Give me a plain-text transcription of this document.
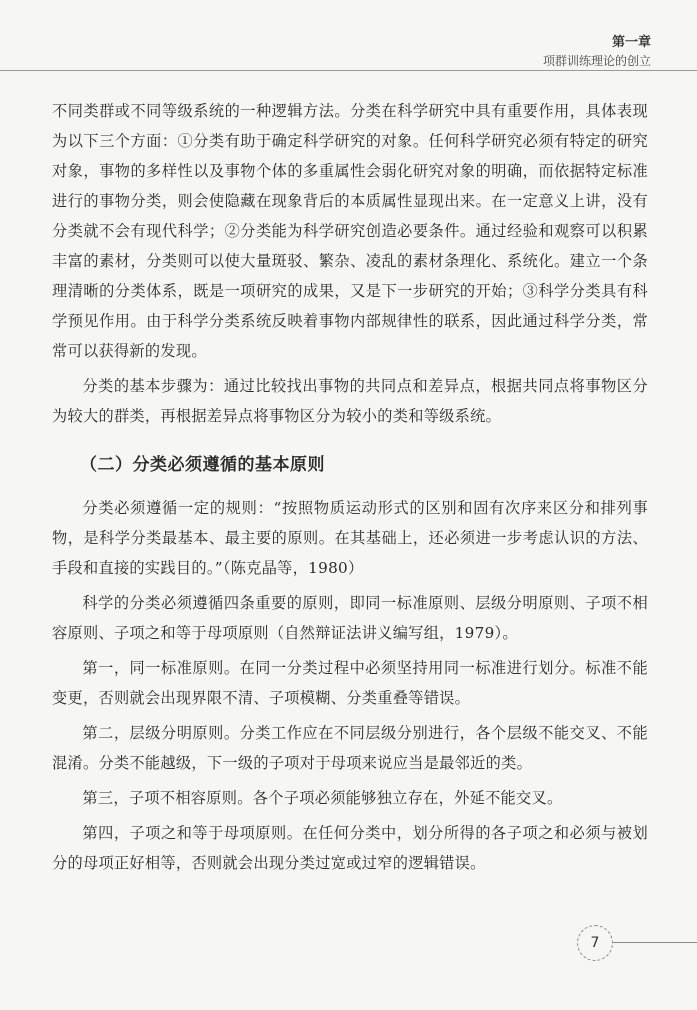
第一章
项群训练理论的创立

不同类群或不同等级系统的一种逻辑方法。分类在科学研究中具有重要作用，具体表现为以下三个方面：①分类有助于确定科学研究的对象。任何科学研究必须有特定的研究对象，事物的多样性以及事物个体的多重属性会弱化研究对象的明确，而依据特定标准进行的事物分类，则会使隐藏在现象背后的本质属性显现出来。在一定意义上讲，没有分类就不会有现代科学；②分类能为科学研究创造必要条件。通过经验和观察可以积累丰富的素材，分类则可以使大量斑驳、繁杂、凌乱的素材条理化、系统化。建立一个条理清晰的分类体系，既是一项研究的成果，又是下一步研究的开始；③科学分类具有科学预见作用。由于科学分类系统反映着事物内部规律性的联系，因此通过科学分类，常常可以获得新的发现。

分类的基本步骤为：通过比较找出事物的共同点和差异点，根据共同点将事物区分为较大的群类，再根据差异点将事物区分为较小的类和等级系统。

（二）分类必须遵循的基本原则

分类必须遵循一定的规则：“按照物质运动形式的区别和固有次序来区分和排列事物，是科学分类最基本、最主要的原则。在其基础上，还必须进一步考虑认识的方法、手段和直接的实践目的。”（陈克晶等，1980）

科学的分类必须遵循四条重要的原则，即同一标准原则、层级分明原则、子项不相容原则、子项之和等于母项原则（自然辩证法讲义编写组，1979）。

第一，同一标准原则。在同一分类过程中必须坚持用同一标准进行划分。标准不能变更，否则就会出现界限不清、子项模糊、分类重叠等错误。

第二，层级分明原则。分类工作应在不同层级分别进行，各个层级不能交叉、不能混淆。分类不能越级，下一级的子项对于母项来说应当是最邻近的类。

第三，子项不相容原则。各个子项必须能够独立存在，外延不能交叉。

第四，子项之和等于母项原则。在任何分类中，划分所得的各子项之和必须与被划分的母项正好相等，否则就会出现分类过宽或过窄的逻辑错误。

7
